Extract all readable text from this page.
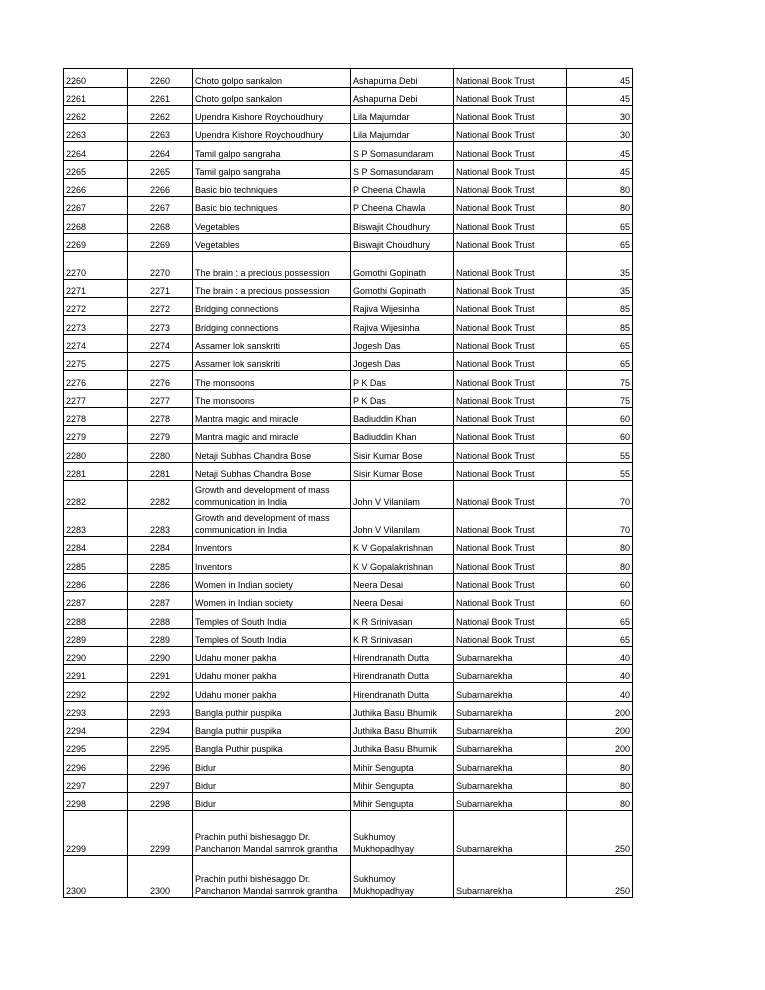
2260	2260	Choto golpo sankalon	Ashapurna Debi	National Book Trust	45
2261	2261	Choto golpo sankalon	Ashapurna Debi	National Book Trust	45
2262	2262	Upendra Kishore Roychoudhury	Lila Majumdar	National Book Trust	30
2263	2263	Upendra Kishore Roychoudhury	Lila Majumdar	National Book Trust	30
2264	2264	Tamil galpo sangraha	S P Somasundaram	National Book Trust	45
2265	2265	Tamil galpo sangraha	S P Somasundaram	National Book Trust	45
2266	2266	Basic bio techniques	P Cheena Chawla	National Book Trust	80
2267	2267	Basic bio techniques	P Cheena Chawla	National Book Trust	80
2268	2268	Vegetables	Biswajit Choudhury	National Book Trust	65
2269	2269	Vegetables	Biswajit Choudhury	National Book Trust	65
2270	2270	The brain : a precious possession	Gomothi Gopinath	National Book Trust	35
2271	2271	The brain : a precious possession	Gomothi Gopinath	National Book Trust	35
2272	2272	Bridging connections	Rajiva Wijesinha	National Book Trust	85
2273	2273	Bridging connections	Rajiva Wijesinha	National Book Trust	85
2274	2274	Assamer lok sanskriti	Jogesh Das	National Book Trust	65
2275	2275	Assamer lok sanskriti	Jogesh Das	National Book Trust	65
2276	2276	The monsoons	P K Das	National Book Trust	75
2277	2277	The monsoons	P K Das	National Book Trust	75
2278	2278	Mantra magic and miracle	Badiuddin Khan	National Book Trust	60
2279	2279	Mantra magic and miracle	Badiuddin Khan	National Book Trust	60
2280	2280	Netaji Subhas Chandra Bose	Sisir Kumar Bose	National Book Trust	55
2281	2281	Netaji Subhas Chandra Bose	Sisir Kumar Bose	National Book Trust	55
2282	2282	Growth and development of mass communication in India	John V Vilanilam	National Book Trust	70
2283	2283	Growth and development of mass communication in India	John V Vilanilam	National Book Trust	70
2284	2284	Inventors	K V Gopalakrishnan	National Book Trust	80
2285	2285	Inventors	K V Gopalakrishnan	National Book Trust	80
2286	2286	Women in Indian society	Neera Desai	National Book Trust	60
2287	2287	Women in Indian society	Neera Desai	National Book Trust	60
2288	2288	Temples of South India	K R Srinivasan	National Book Trust	65
2289	2289	Temples of South India	K R Srinivasan	National Book Trust	65
2290	2290	Udahu moner pakha	Hirendranath Dutta	Subarnarekha	40
2291	2291	Udahu moner pakha	Hirendranath Dutta	Subarnarekha	40
2292	2292	Udahu moner pakha	Hirendranath Dutta	Subarnarekha	40
2293	2293	Bangla puthir puspika	Juthika Basu Bhumik	Subarnarekha	200
2294	2294	Bangla puthir puspika	Juthika Basu Bhumik	Subarnarekha	200
2295	2295	Bangla Puthir puspika	Juthika Basu Bhumik	Subarnarekha	200
2296	2296	Bidur	Mihir Sengupta	Subarnarekha	80
2297	2297	Bidur	Mihir Sengupta	Subarnarekha	80
2298	2298	Bidur	Mihir Sengupta	Subarnarekha	80
2299	2299	Prachin puthi bishesaggo Dr. Panchanon Mandal samrok grantha	Sukhumoy Mukhopadhyay	Subarnarekha	250
2300	2300	Prachin puthi bishesaggo Dr. Panchanon Mandal samrok grantha	Sukhumoy Mukhopadhyay	Subarnarekha	250
